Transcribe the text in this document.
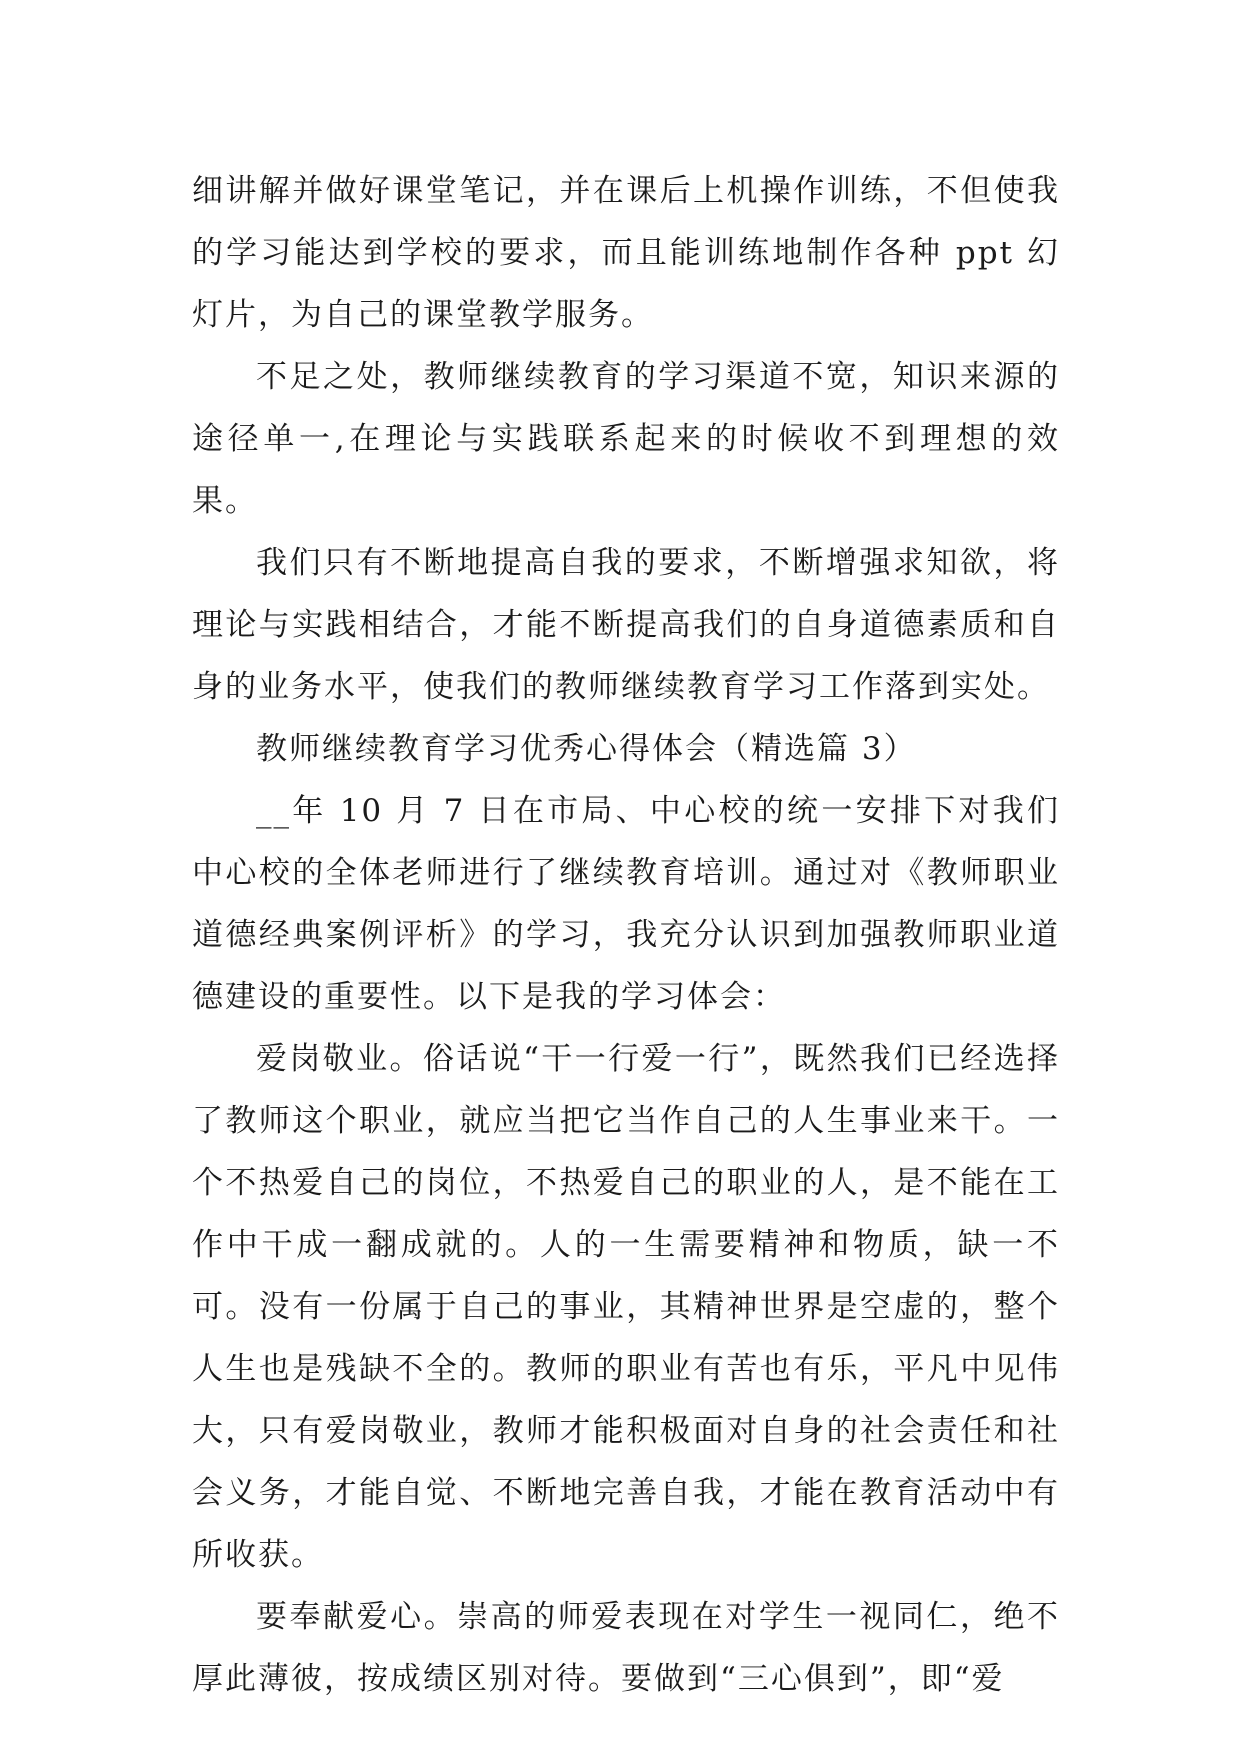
细讲解并做好课堂笔记，并在课后上机操作训练，不但使我的学习能达到学校的要求，而且能训练地制作各种 ppt 幻灯片，为自己的课堂教学服务。

不足之处，教师继续教育的学习渠道不宽，知识来源的途径单一,在理论与实践联系起来的时候收不到理想的效果。

我们只有不断地提高自我的要求，不断增强求知欲，将理论与实践相结合，才能不断提高我们的自身道德素质和自身的业务水平，使我们的教师继续教育学习工作落到实处。

教师继续教育学习优秀心得体会（精选篇 3）

__年 10 月 7 日在市局、中心校的统一安排下对我们中心校的全体老师进行了继续教育培训。通过对《教师职业道德经典案例评析》的学习，我充分认识到加强教师职业道德建设的重要性。以下是我的学习体会：

爱岗敬业。俗话说“干一行爱一行”，既然我们已经选择了教师这个职业，就应当把它当作自己的人生事业来干。一个不热爱自己的岗位，不热爱自己的职业的人，是不能在工作中干成一翻成就的。人的一生需要精神和物质，缺一不可。没有一份属于自己的事业，其精神世界是空虚的，整个人生也是残缺不全的。教师的职业有苦也有乐，平凡中见伟大，只有爱岗敬业，教师才能积极面对自身的社会责任和社会义务，才能自觉、不断地完善自我，才能在教育活动中有所收获。

要奉献爱心。崇高的师爱表现在对学生一视同仁，绝不厚此薄彼，按成绩区别对待。要做到“三心俱到”，即“爱
